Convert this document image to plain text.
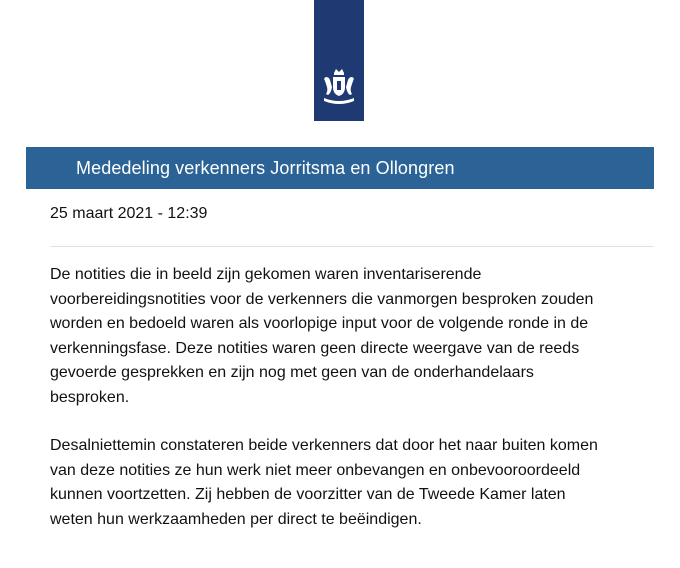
Mededeling verkenners Jorritsma en Ollongren
25 maart 2021 - 12:39

De notities die in beeld zijn gekomen waren inventariserende
voorbereidingsnotities voor de verkenners die vanmorgen besproken zouden
worden en bedoeld waren als voorlopige input voor de volgende ronde in de
verkenningsfase. Deze notities waren geen directe weergave van de reeds
gevoerde gesprekken en zijn nog met geen van de onderhandelaars
besproken.

Desalniettemin constateren beide verkenners dat door het naar buiten komen
van deze notities ze hun werk niet meer onbevangen en onbevooroordeeld
kunnen voortzetten. Zij hebben de voorzitter van de Tweede Kamer laten
weten hun werkzaamheden per direct te beëindigen.
